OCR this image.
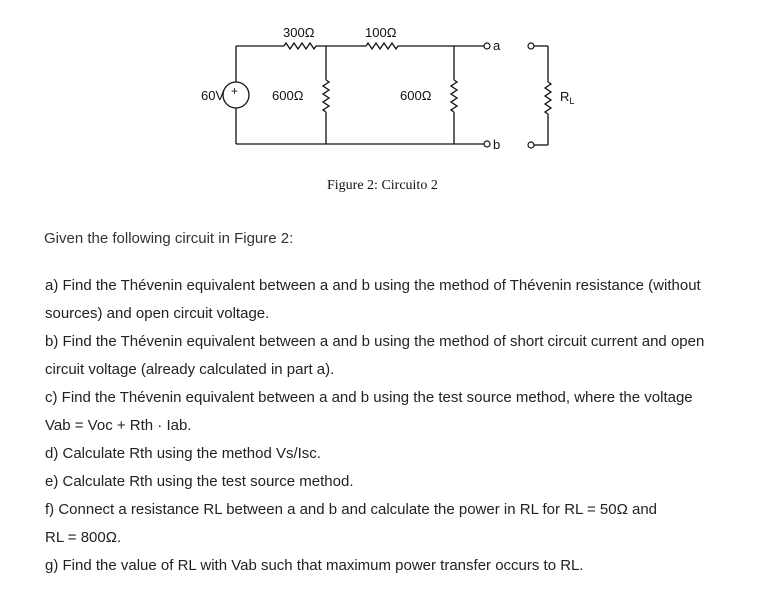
300Ω	100Ω
60V +	600Ω	600Ω
a
b
$R_L$
Figure 2: Circuito 2
Given the following circuit in Figure 2:
a) Find the Thévenin equivalent between a and b using the method of Thévenin resistance (without
sources) and open circuit voltage.
b) Find the Thévenin equivalent between a and b using the method of short circuit current and open
circuit voltage (already calculated in part a).
c) Find the Thévenin equivalent between a and b using the test source method, where the voltage
Vab = Voc + Rth · Iab.
d) Calculate Rth using the method Vs/Isc.
e) Calculate Rth using the test source method.
f) Connect a resistance RL between a and b and calculate the power in RL for RL = 50Ω and
RL = 800Ω.
g) Find the value of RL with Vab such that maximum power transfer occurs to RL.
